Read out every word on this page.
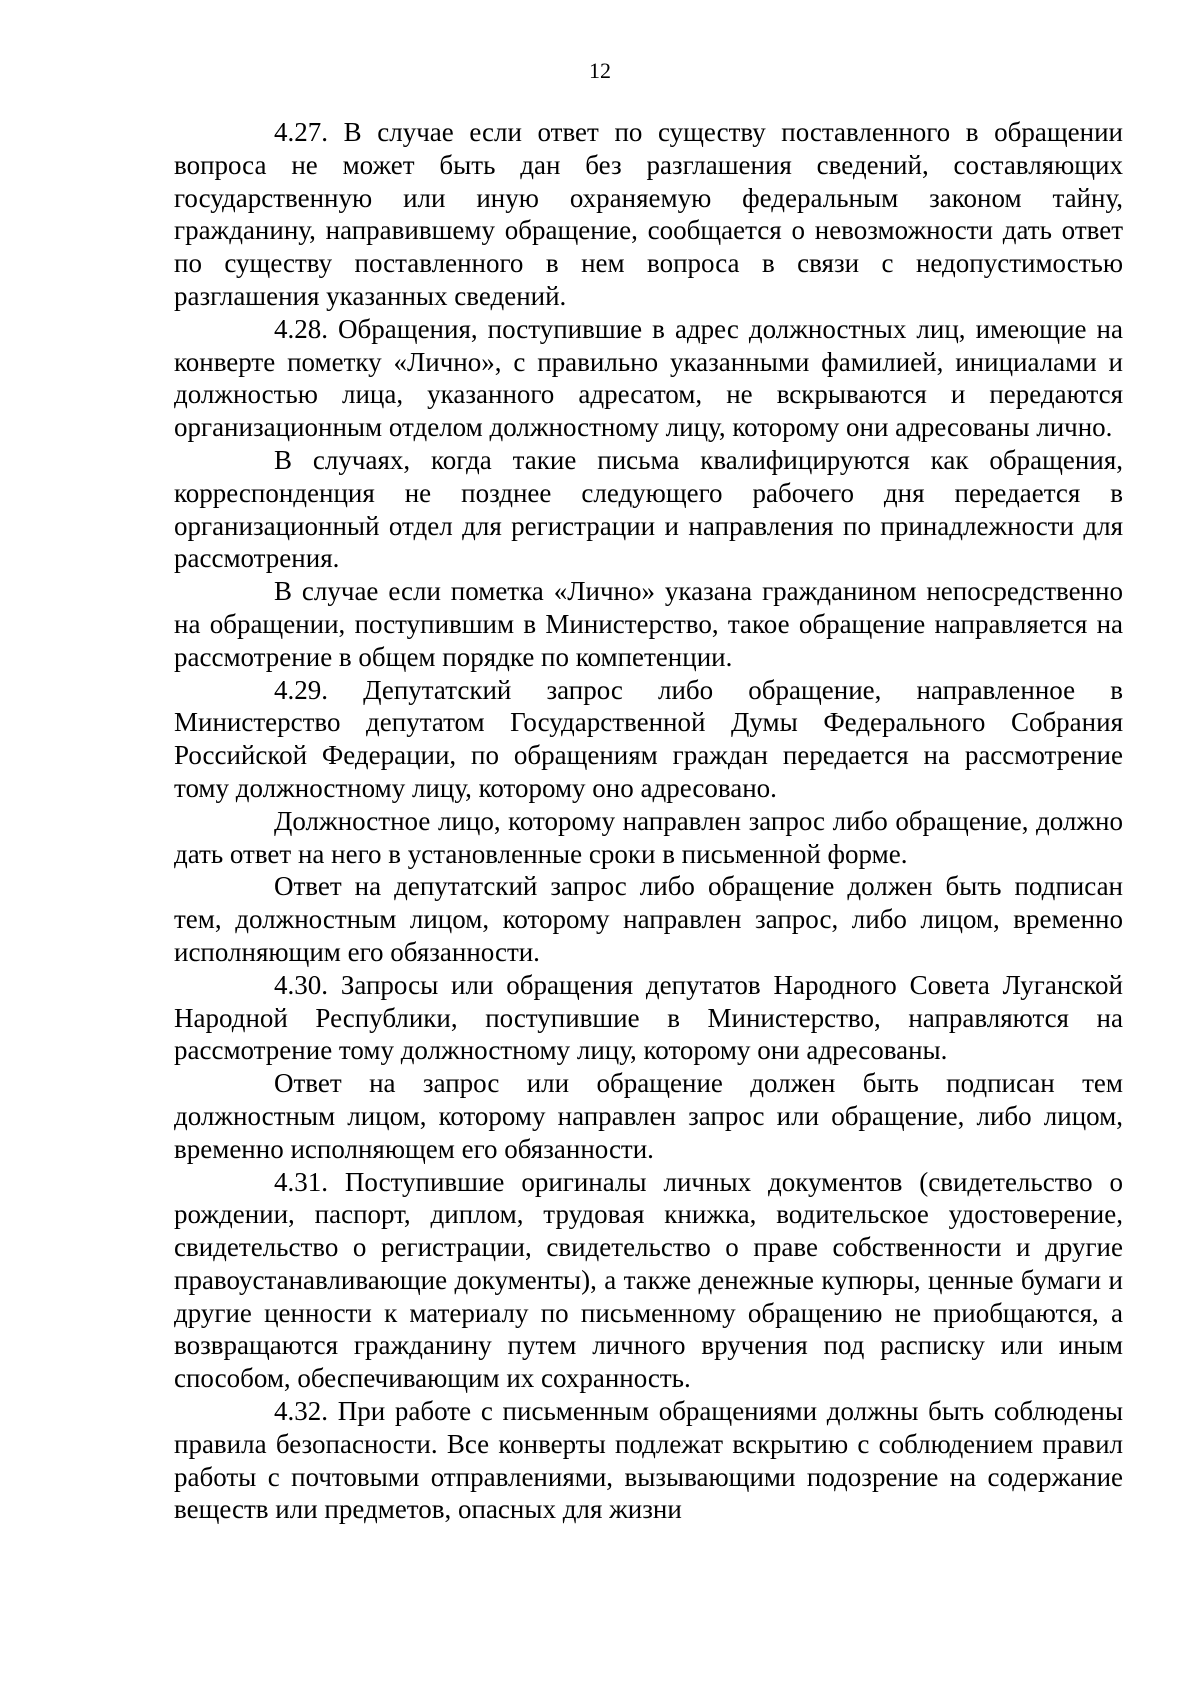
12

4.27. В случае если ответ по существу поставленного в обращении вопроса не может быть дан без разглашения сведений, составляющих государственную или иную охраняемую федеральным законом тайну, гражданину, направившему обращение, сообщается о невозможности дать ответ по существу поставленного в нем вопроса в связи с недопустимостью разглашения указанных сведений.

4.28. Обращения, поступившие в адрес должностных лиц, имеющие на конверте пометку «Лично», с правильно указанными фамилией, инициалами и должностью лица, указанного адресатом, не вскрываются и передаются организационным отделом должностному лицу, которому они адресованы лично.

В случаях, когда такие письма квалифицируются как обращения, корреспонденция не позднее следующего рабочего дня передается в организационный отдел для регистрации и направления по принадлежности для рассмотрения.

В случае если пометка «Лично» указана гражданином непосредственно на обращении, поступившим в Министерство, такое обращение направляется на рассмотрение в общем порядке по компетенции.

4.29. Депутатский запрос либо обращение, направленное в Министерство депутатом Государственной Думы Федерального Собрания Российской Федерации, по обращениям граждан передается на рассмотрение тому должностному лицу, которому оно адресовано.

Должностное лицо, которому направлен запрос либо обращение, должно дать ответ на него в установленные сроки в письменной форме.

Ответ на депутатский запрос либо обращение должен быть подписан тем, должностным лицом, которому направлен запрос, либо лицом, временно исполняющим его обязанности.

4.30. Запросы или обращения депутатов Народного Совета Луганской Народной Республики, поступившие в Министерство, направляются на рассмотрение тому должностному лицу, которому они адресованы.

Ответ на запрос или обращение должен быть подписан тем должностным лицом, которому направлен запрос или обращение, либо лицом, временно исполняющем его обязанности.

4.31. Поступившие оригиналы личных документов (свидетельство о рождении, паспорт, диплом, трудовая книжка, водительское удостоверение, свидетельство о регистрации, свидетельство о праве собственности и другие правоустанавливающие документы), а также денежные купюры, ценные бумаги и другие ценности к материалу по письменному обращению не приобщаются, а возвращаются гражданину путем личного вручения под расписку или иным способом, обеспечивающим их сохранность.

4.32. При работе с письменным обращениями должны быть соблюдены правила безопасности. Все конверты подлежат вскрытию с соблюдением правил работы с почтовыми отправлениями, вызывающими подозрение на содержание веществ или предметов, опасных для жизни
